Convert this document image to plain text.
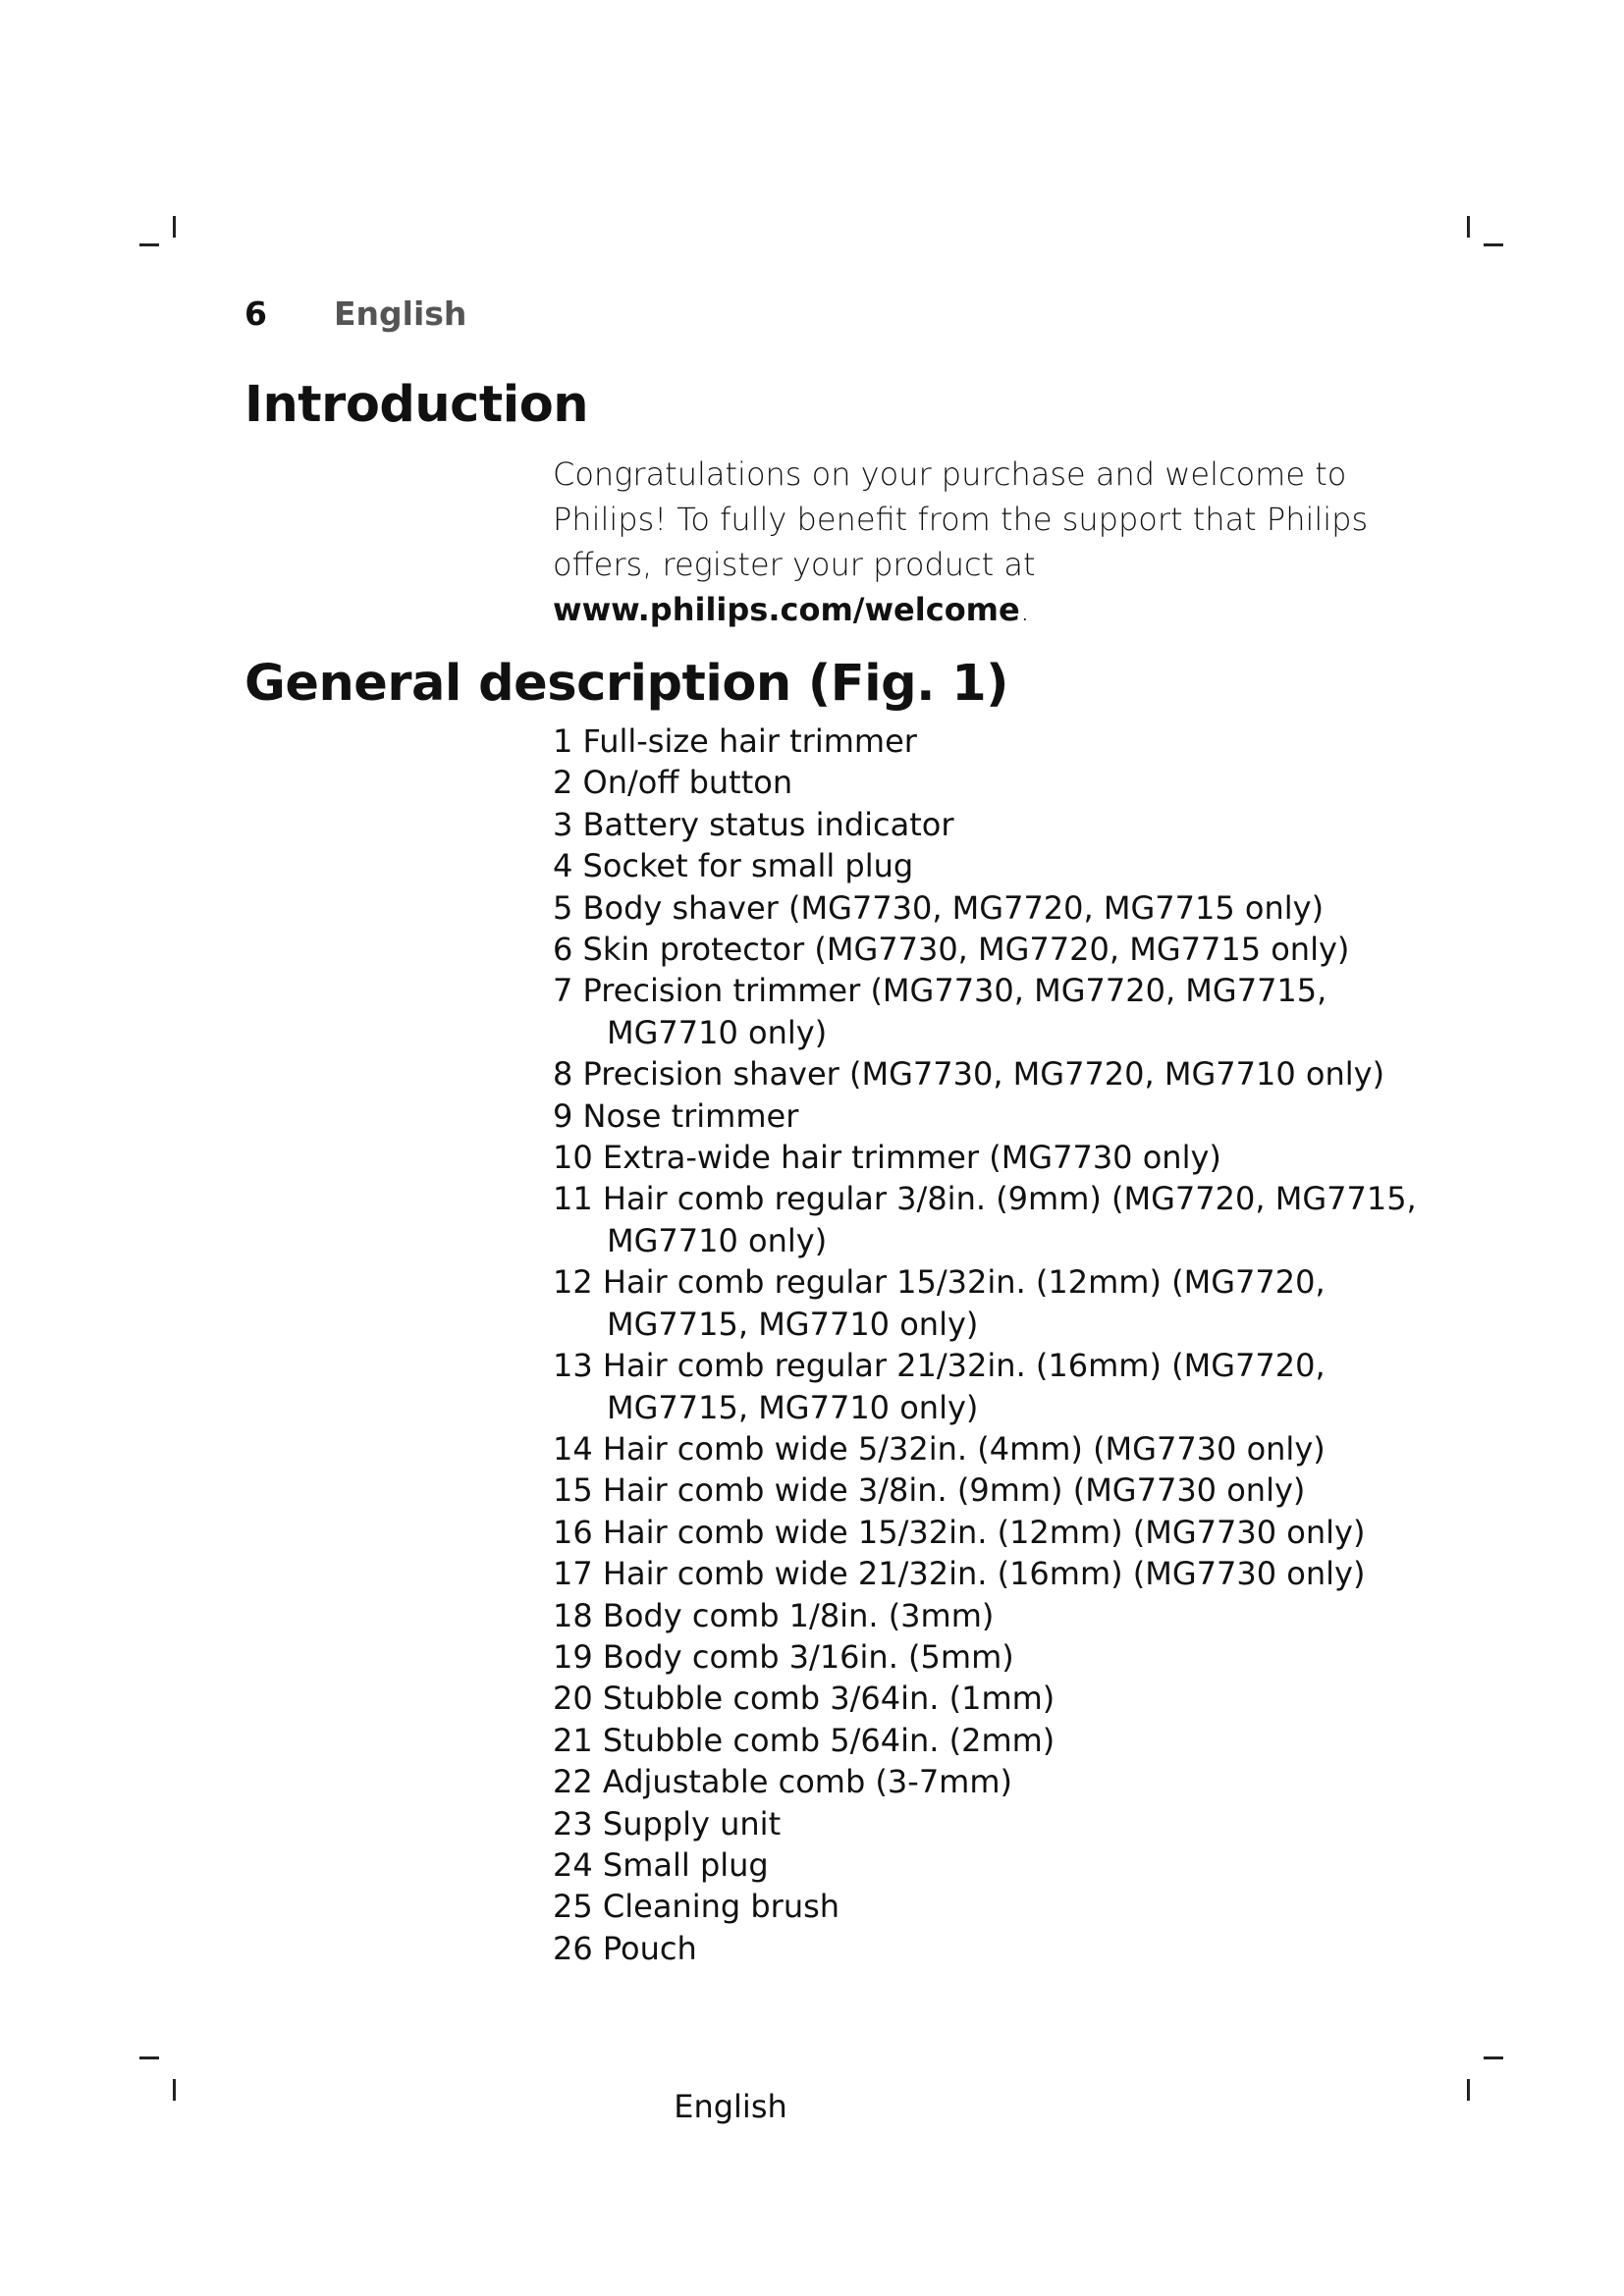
6 English
Introduction

Congratulations on your purchase and welcome to Philips! To fully benefit from the support that Philips offers, register your product at www.philips.com/welcome.

General description (Fig. 1)
1 Full-size hair trimmer
2 On/off button
3 Battery status indicator
4 Socket for small plug
5 Body shaver (MG7730, MG7720, MG7715 only)
6 Skin protector (MG7730, MG7720, MG7715 only)
7 Precision trimmer (MG7730, MG7720, MG7715, MG7710 only)
8 Precision shaver (MG7730, MG7720, MG7710 only)
9 Nose trimmer
10 Extra-wide hair trimmer (MG7730 only)
11 Hair comb regular 3/8in. (9mm) (MG7720, MG7715, MG7710 only)
12 Hair comb regular 15/32in. (12mm) (MG7720, MG7715, MG7710 only)
13 Hair comb regular 21/32in. (16mm) (MG7720, MG7715, MG7710 only)
14 Hair comb wide 5/32in. (4mm) (MG7730 only)
15 Hair comb wide 3/8in. (9mm) (MG7730 only)
16 Hair comb wide 15/32in. (12mm) (MG7730 only)
17 Hair comb wide 21/32in. (16mm) (MG7730 only)
18 Body comb 1/8in. (3mm)
19 Body comb 3/16in. (5mm)
20 Stubble comb 3/64in. (1mm)
21 Stubble comb 5/64in. (2mm)
22 Adjustable comb (3-7mm)
23 Supply unit
24 Small plug
25 Cleaning brush
26 Pouch
English
